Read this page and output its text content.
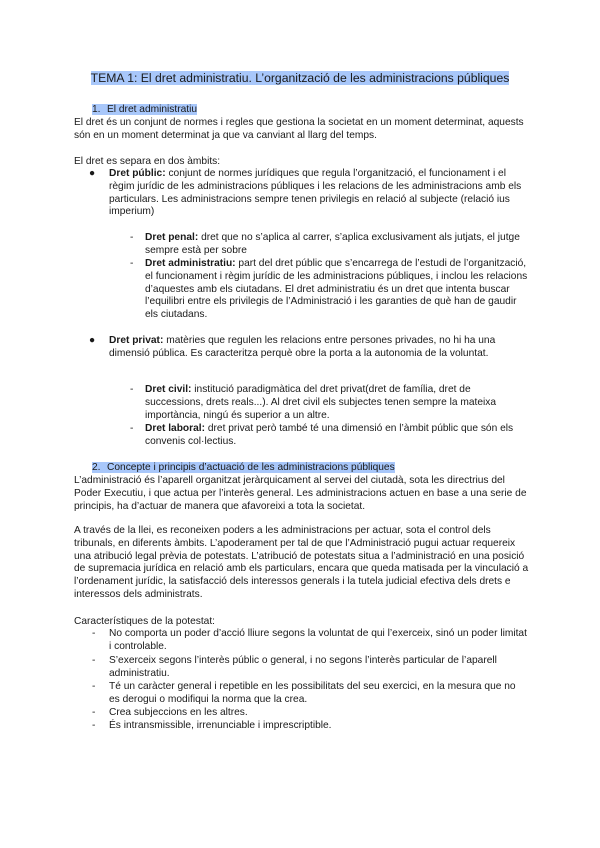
TEMA 1: El dret administratiu. L’organització de les administracions públiques
1. El dret administratiu
El dret és un conjunt de normes i regles que gestiona la societat en un moment determinat, aquests són en un moment determinat ja que va canviant al llarg del temps.
El dret es separa en dos àmbits:
● Dret públic: conjunt de normes jurídiques que regula l’organització, el funcionament i el règim jurídic de les administracions públiques i les relacions de les administracions amb els particulars. Les administracions sempre tenen privilegis en relació al subjecte (relació ius imperium)
- Dret penal: dret que no s’aplica al carrer, s’aplica exclusivament als jutjats, el jutge sempre està per sobre
- Dret administratiu: part del dret públic que s’encarrega de l’estudi de l’organització, el funcionament i règim jurídic de les administracions públiques, i inclou les relacions d’aquestes amb els ciutadans. El dret administratiu és un dret que intenta buscar l’equilibri entre els privilegis de l’Administració i les garanties de què han de gaudir els ciutadans.
● Dret privat: matèries que regulen les relacions entre persones privades, no hi ha una dimensió pública. Es caracteritza perquè obre la porta a la autonomia de la voluntat.
- Dret civil: institució paradigmàtica del dret privat(dret de família, dret de successions, drets reals...). Al dret civil els subjectes tenen sempre la mateixa importància, ningú és superior a un altre.
- Dret laboral: dret privat però també té una dimensió en l’àmbit públic que són els convenis col·lectius.
2. Concepte i principis d’actuació de les administracions públiques
L’administració és l’aparell organitzat jeràrquicament al servei del ciutadà, sota les directrius del Poder Executiu, i que actua per l’interès general. Les administracions actuen en base a una serie de principis, ha d’actuar de manera que afavoreixi a tota la societat.
A través de la llei, es reconeixen poders a les administracions per actuar, sota el control dels tribunals, en diferents àmbits. L’apoderament per tal de que l’Administració pugui actuar requereix una atribució legal prèvia de potestats. L’atribució de potestats situa a l’administració en una posició de supremacia jurídica en relació amb els particulars, encara que queda matisada per la vinculació a l’ordenament jurídic, la satisfacció dels interessos generals i la tutela judicial efectiva dels drets e interessos dels administrats.
Característiques de la potestat:
- No comporta un poder d’acció lliure segons la voluntat de qui l’exerceix, sinó un poder limitat i controlable.
- S’exerceix segons l’interès públic o general, i no segons l’interès particular de l’aparell administratiu.
- Té un caràcter general i repetible en les possibilitats del seu exercici, en la mesura que no es derogui o modifiqui la norma que la crea.
- Crea subjeccions en les altres.
- És intransmissible, irrenunciable i imprescriptible.
